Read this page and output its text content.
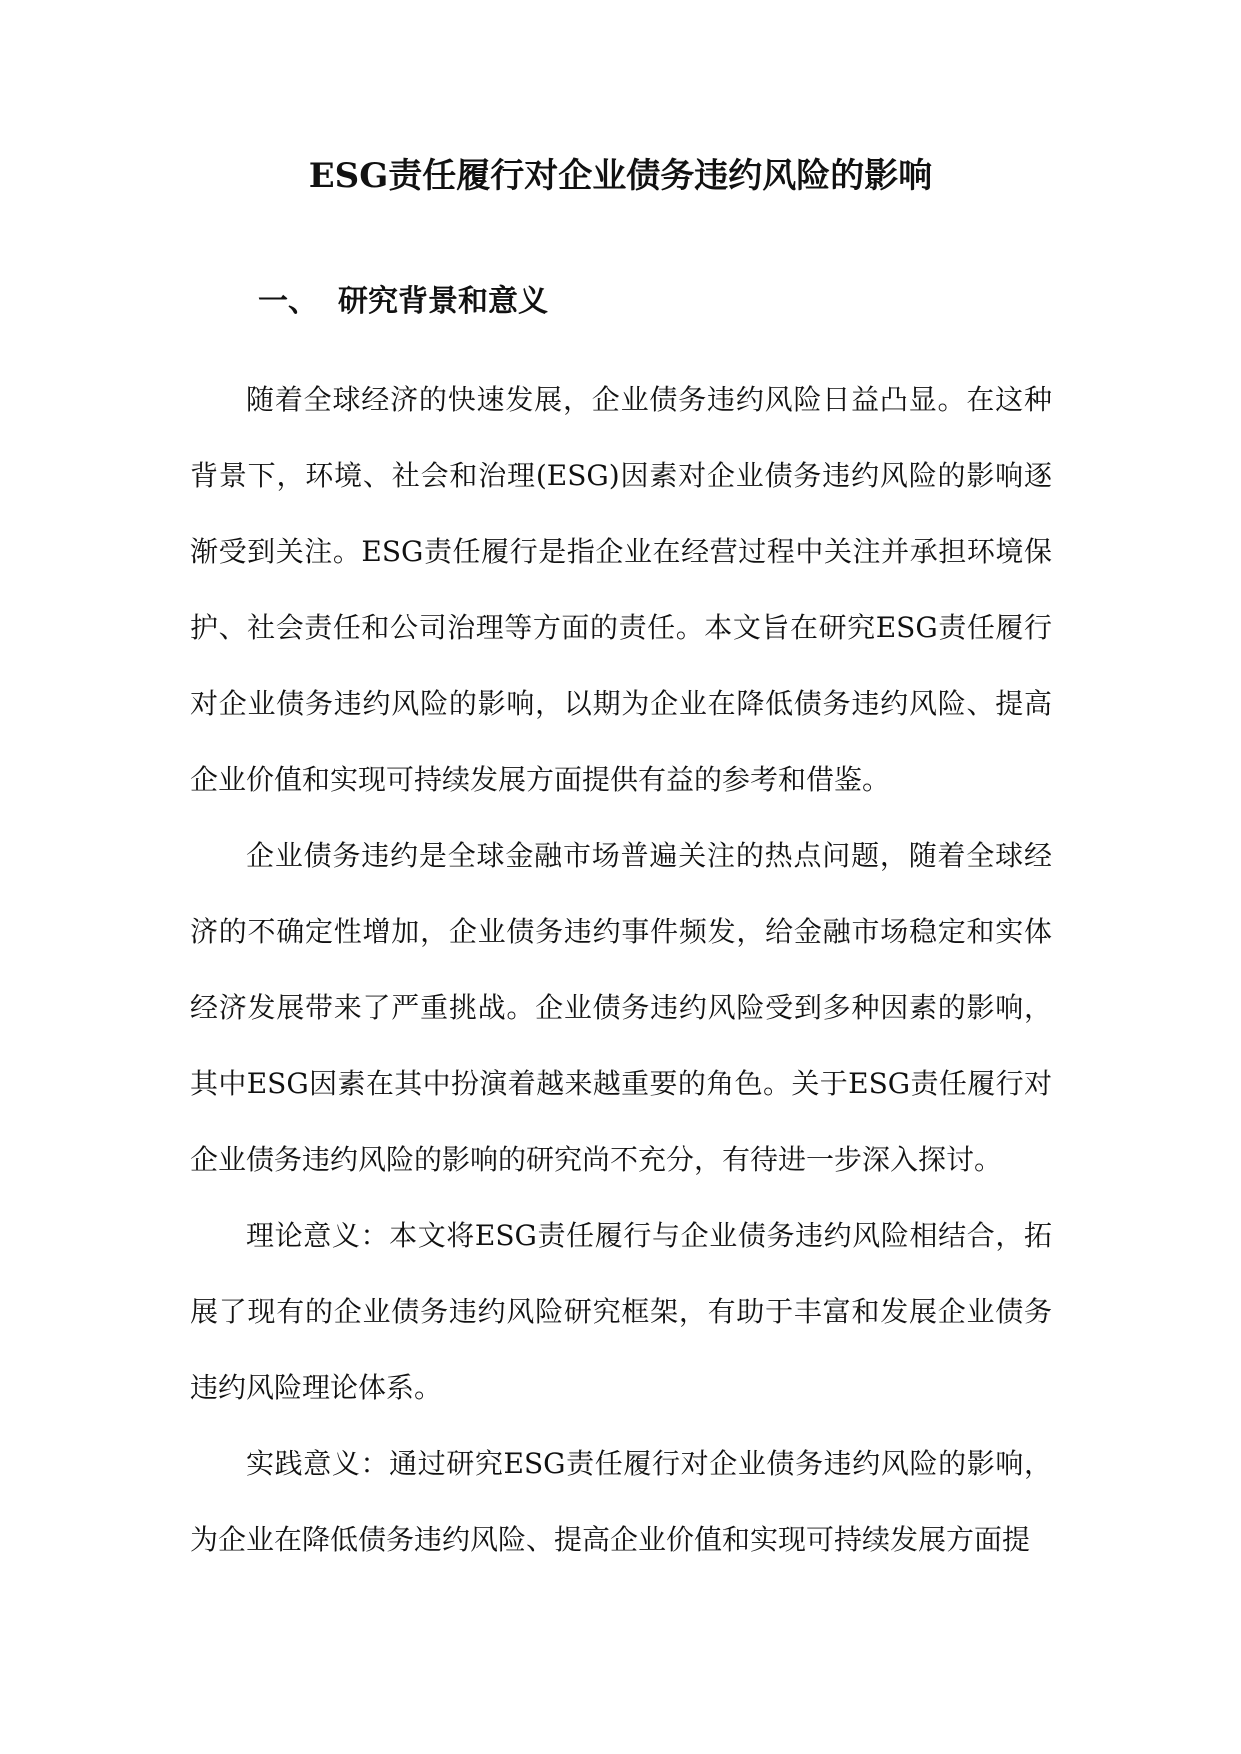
ESG责任履行对企业债务违约风险的影响
一、 研究背景和意义

随着全球经济的快速发展，企业债务违约风险日益凸显。在这种背景下，环境、社会和治理(ESG)因素对企业债务违约风险的影响逐渐受到关注。ESG责任履行是指企业在经营过程中关注并承担环境保护、社会责任和公司治理等方面的责任。本文旨在研究ESG责任履行对企业债务违约风险的影响，以期为企业在降低债务违约风险、提高企业价值和实现可持续发展方面提供有益的参考和借鉴。

企业债务违约是全球金融市场普遍关注的热点问题，随着全球经济的不确定性增加，企业债务违约事件频发，给金融市场稳定和实体经济发展带来了严重挑战。企业债务违约风险受到多种因素的影响，其中ESG因素在其中扮演着越来越重要的角色。关于ESG责任履行对企业债务违约风险的影响的研究尚不充分，有待进一步深入探讨。

理论意义：本文将ESG责任履行与企业债务违约风险相结合，拓展了现有的企业债务违约风险研究框架，有助于丰富和发展企业债务违约风险理论体系。

实践意义：通过研究ESG责任履行对企业债务违约风险的影响，为企业在降低债务违约风险、提高企业价值和实现可持续发展方面提
